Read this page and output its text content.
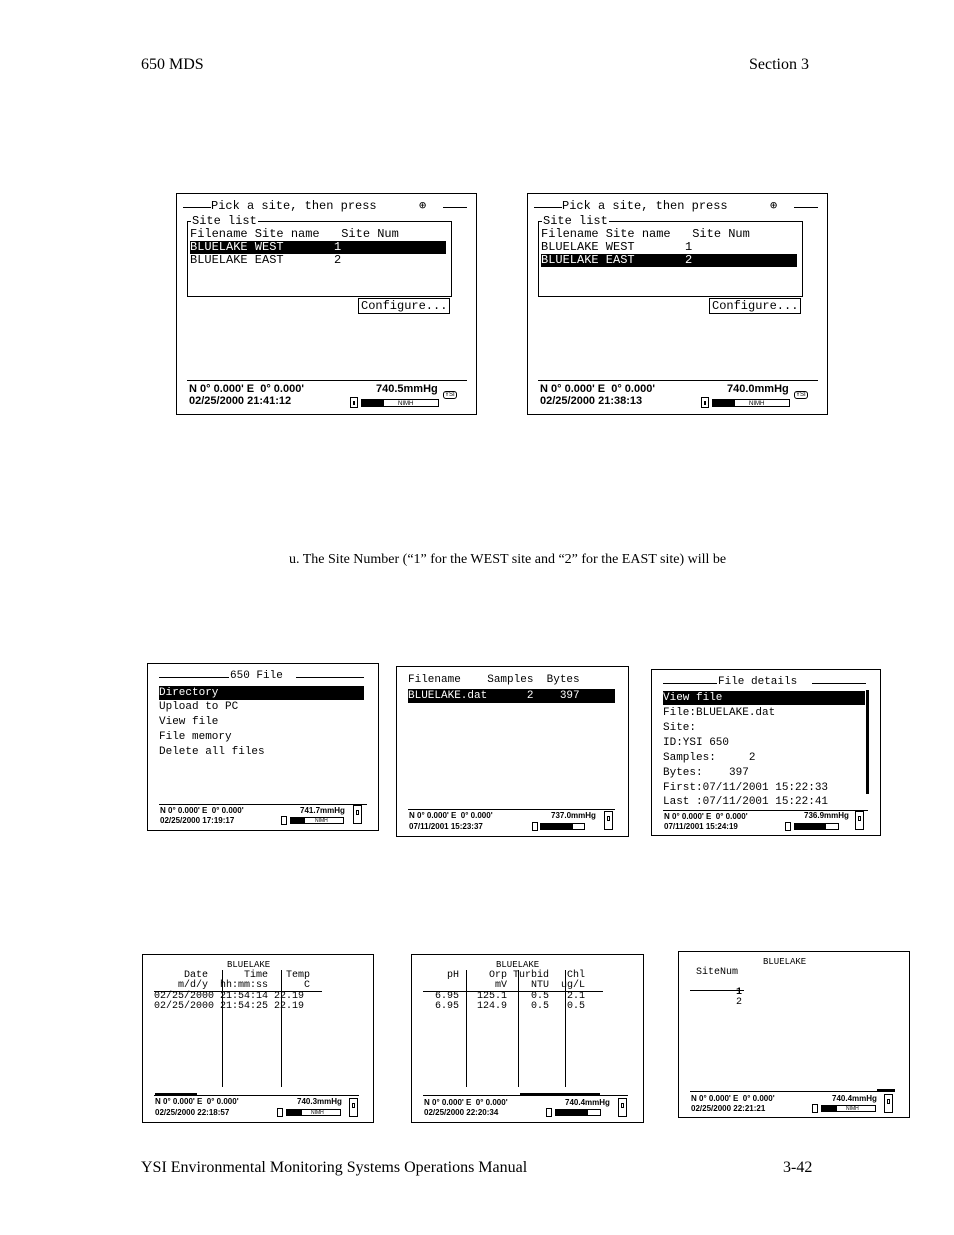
650 MDS	Section 3
Pick a site, then press	⊕
Site list
Filename Site name   Site Num
BLUELAKE WEST       1
BLUELAKE EAST       2
Configure...
N 0° 0.000' E  0° 0.000'	740.5mmHg	YSI
02/25/2000 21:41:12	NIMH
Pick a site, then press	⊕
Site list
Filename Site name   Site Num
BLUELAKE WEST       1
BLUELAKE EAST       2
Configure...
N 0° 0.000' E  0° 0.000'	740.0mmHg	YSI
02/25/2000 21:38:13	NIMH
u. The Site Number (“1” for the WEST site and “2” for the EAST site) will be
650 File
Directory
Upload to PC
View file
File memory
Delete all files
N 0° 0.000' E  0° 0.000'	741.7mmHg
02/25/2000 17:19:17	NIMH
Filename    Samples  Bytes
BLUELAKE.dat      2    397
N 0° 0.000' E  0° 0.000'	737.0mmHg
07/11/2001 15:23:37
File details
View file
File:BLUELAKE.dat
Site:
ID:YSI 650
Samples:     2
Bytes:    397
First:07/11/2001 15:22:33
Last :07/11/2001 15:22:41
N 0° 0.000' E  0° 0.000'	736.9mmHg
07/11/2001 15:24:19
BLUELAKE
Date      Time   Temp
m/d/y  hh:mm:ss      C
02/25/2000 21:54:14 22.19
02/25/2000 21:54:25 22.19
N 0° 0.000' E  0° 0.000'	740.3mmHg
02/25/2000 22:18:57	NIMH
BLUELAKE
pH     Orp Turbid   Chl
mV    NTU  ug/L
6.95   125.1    0.5   2.1
6.95   124.9    0.5   0.5
N 0° 0.000' E  0° 0.000'	740.4mmHg
02/25/2000 22:20:34
BLUELAKE
SiteNum
1
2
N 0° 0.000' E  0° 0.000'	740.4mmHg
02/25/2000 22:21:21	NIMH
YSI Environmental Monitoring Systems Operations Manual	3-42
